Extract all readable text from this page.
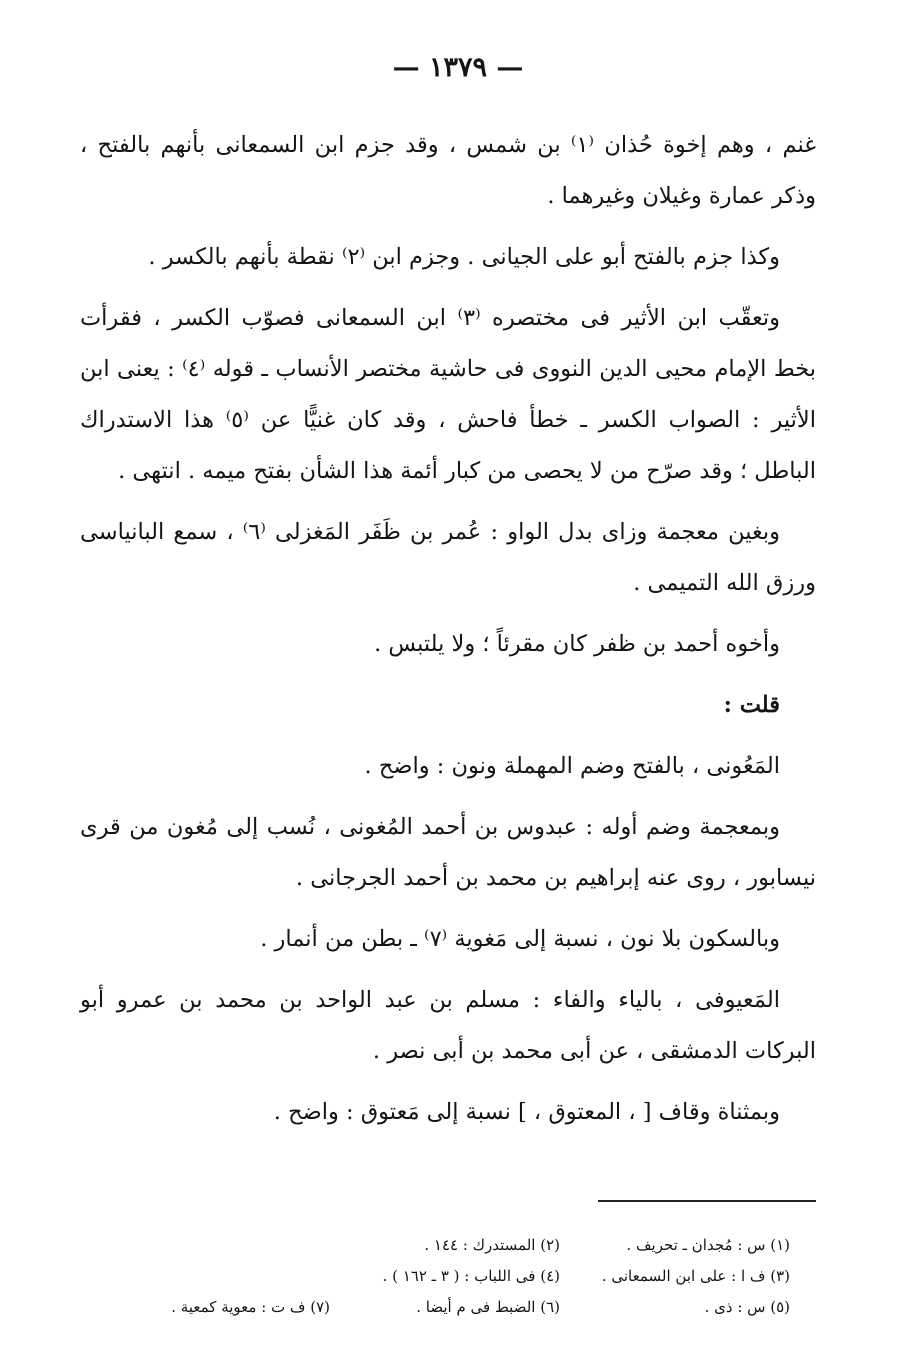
— ١٣٧٩ —

غنم ، وهم إخوة حُذان ⁽١⁾ بن شمس ، وقد جزم ابن السمعانى بأنهم بالفتح ، وذكر عمارة وغيلان وغيرهما .

وكذا جزم بالفتح أبو على الجيانى . وجزم ابن ⁽٢⁾ نقطة بأنهم بالكسر .

وتعقّب ابن الأثير فى مختصره ⁽٣⁾ ابن السمعانى فصوّب الكسر ، فقرأت بخط الإمام محيى الدين النووى فى حاشية مختصر الأنساب ـ قوله ⁽٤⁾ : يعنى ابن الأثير : الصواب الكسر ـ خطأ فاحش ، وقد كان غنيًّا عن ⁽٥⁾ هذا الاستدراك الباطل ؛ وقد صرّح من لا يحصى من كبار أئمة هذا الشأن بفتح ميمه . انتهى .

وبغين معجمة وزاى بدل الواو : عُمر بن ظَفَر المَغزلى ⁽٦⁾ ، سمع البانياسى ورزق الله التميمى .

وأخوه أحمد بن ظفر كان مقرئاً ؛ ولا يلتبس .

قلت :

المَعُونى ، بالفتح وضم المهملة ونون : واضح .

وبمعجمة وضم أوله : عبدوس بن أحمد المُغونى ، نُسب إلى مُغون من قرى نيسابور ، روى عنه إبراهيم بن محمد بن أحمد الجرجانى .

وبالسكون بلا نون ، نسبة إلى مَغوية ⁽٧⁾ ـ بطن من أنمار .

المَعيوفى ، بالياء والفاء : مسلم بن عبد الواحد بن محمد بن عمرو أبو البركات الدمشقى ، عن أبى محمد بن أبى نصر .

وبمثناة وقاف [ ، المعتوق ، ] نسبة إلى مَعتوق : واضح .

(١) س : مُجدان ـ تحريف .
(٢) المستدرك : ١٤٤ .
(٣) ف ا : على ابن السمعانى .
(٤) فى اللباب : ( ٣ ـ ١٦٢ ) .
(٥) س : ذى .
(٦) الضبط فى م أيضا .
(٧) ف ت : معوية كمعية .
